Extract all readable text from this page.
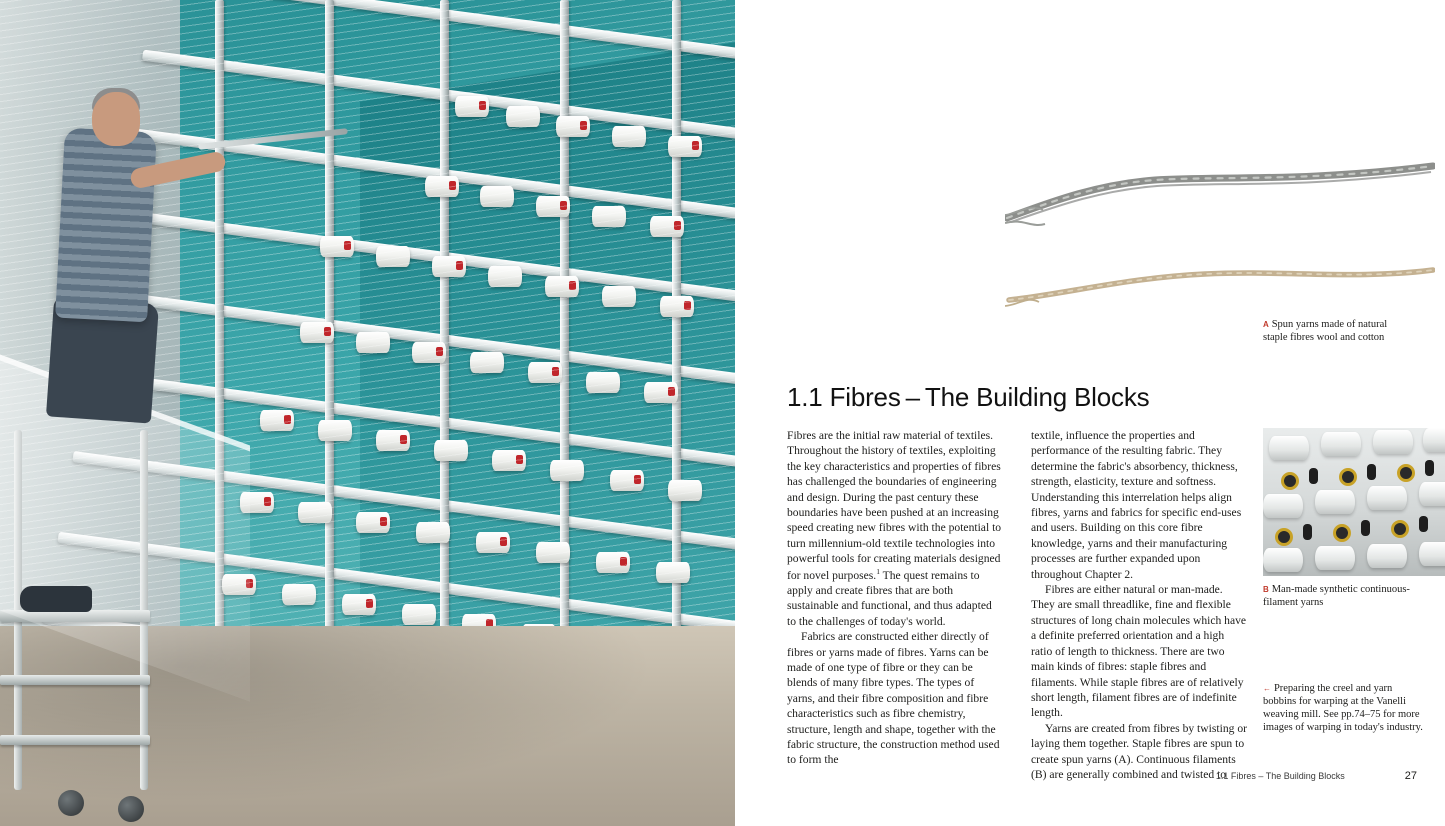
A Spun yarns made of natural staple fibres wool and cotton
1.1 Fibres – The Building Blocks

Fibres are the initial raw material of textiles. Throughout the history of textiles, exploiting the key characteristics and properties of fibres has challenged the boundaries of engineering and design. During the past century these boundaries have been pushed at an increasing speed creating new fibres with the potential to turn millennium-old textile technologies into powerful tools for creating materials designed for novel purposes.$^1$ The quest remains to apply and create fibres that are both sustainable and functional, and thus adapted to the challenges of today's world.

Fabrics are constructed either directly of fibres or yarns made of fibres. Yarns can be made of one type of fibre or they can be blends of many fibre types. The types of yarns, and their fibre composition and fibre characteristics such as fibre chemistry, structure, length and shape, together with the fabric structure, the construction method used to form the

textile, influence the properties and performance of the resulting fabric. They determine the fabric's absorbency, thickness, strength, elasticity, texture and softness. Understanding this interrelation helps align fibres, yarns and fabrics for specific end-uses and users. Building on this core fibre knowledge, yarns and their manufacturing processes are further expanded upon throughout Chapter 2.

Fibres are either natural or man-made. They are small threadlike, fine and flexible structures of long chain molecules which have a definite preferred orientation and a high ratio of length to thickness. There are two main kinds of fibres: staple fibres and filaments. While staple fibres are of relatively short length, filament fibres are of indefinite length.

Yarns are created from fibres by twisting or laying them together. Staple fibres are spun to create spun yarns (A). Continuous filaments (B) are generally combined and twisted to

B Man-made synthetic continuous-filament yarns
← Preparing the creel and yarn bobbins for warping at the Vanelli weaving mill. See pp.74–75 for more images of warping in today's industry.
1.1 Fibres – The Building Blocks	27
